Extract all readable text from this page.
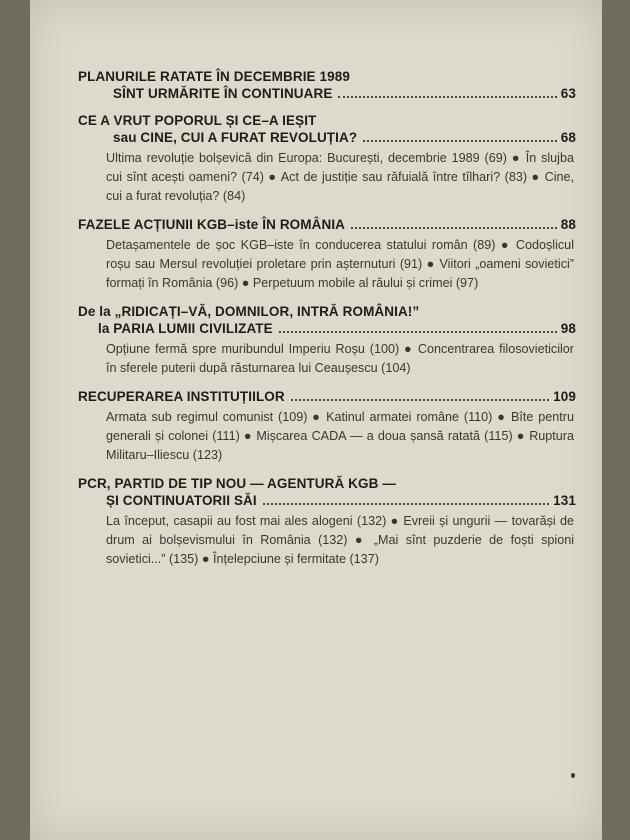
PLANURILE RATATE ÎN DECEMBRIE 1989
SÎNT URMĂRITE ÎN CONTINUARE	63
CE A VRUT POPORUL ȘI CE–A IEȘIT
sau CINE, CUI A FURAT REVOLUȚIA?	68
Ultima revoluție bolșevică din Europa: București, decembrie 1989 (69) ● În slujba cui sînt acești oameni? (74) ● Act de justiție sau răfuială între tîlhari? (83) ● Cine, cui a furat revoluția? (84)
FAZELE ACȚIUNII KGB–iste ÎN ROMÂNIA	88
Detașamentele de șoc KGB–iste în conducerea statului român (89) ● Codoșlicul roșu sau Mersul revoluției proletare prin așternuturi (91) ● Viitori „oameni sovietici” formați în România (96) ● Perpetuum mobile al răului și crimei (97)
De la „RIDICAȚI–VĂ, DOMNILOR, INTRĂ ROMÂNIA!”
la PARIA LUMII CIVILIZATE	98
Opțiune fermă spre muribundul Imperiu Roșu (100) ● Concentrarea filosovieticilor în sferele puterii după răsturnarea lui Ceaușescu (104)
RECUPERAREA INSTITUȚIILOR	109
Armata sub regimul comunist (109) ● Katinul armatei române (110) ● Bîte pentru generali și colonei (111) ● Mișcarea CADA — a doua șansă ratată (115) ● Ruptura Militaru–Iliescu (123)
PCR, PARTID DE TIP NOU — AGENTURĂ KGB —
ȘI CONTINUATORII SĂI	131
La început, casapii au fost mai ales alogeni (132) ● Evreii și ungurii — tovarăși de drum ai bolșevismului în România (132) ● „Mai sînt puzderie de foști spioni sovietici...” (135) ● Înțelepciune și fermitate (137)
